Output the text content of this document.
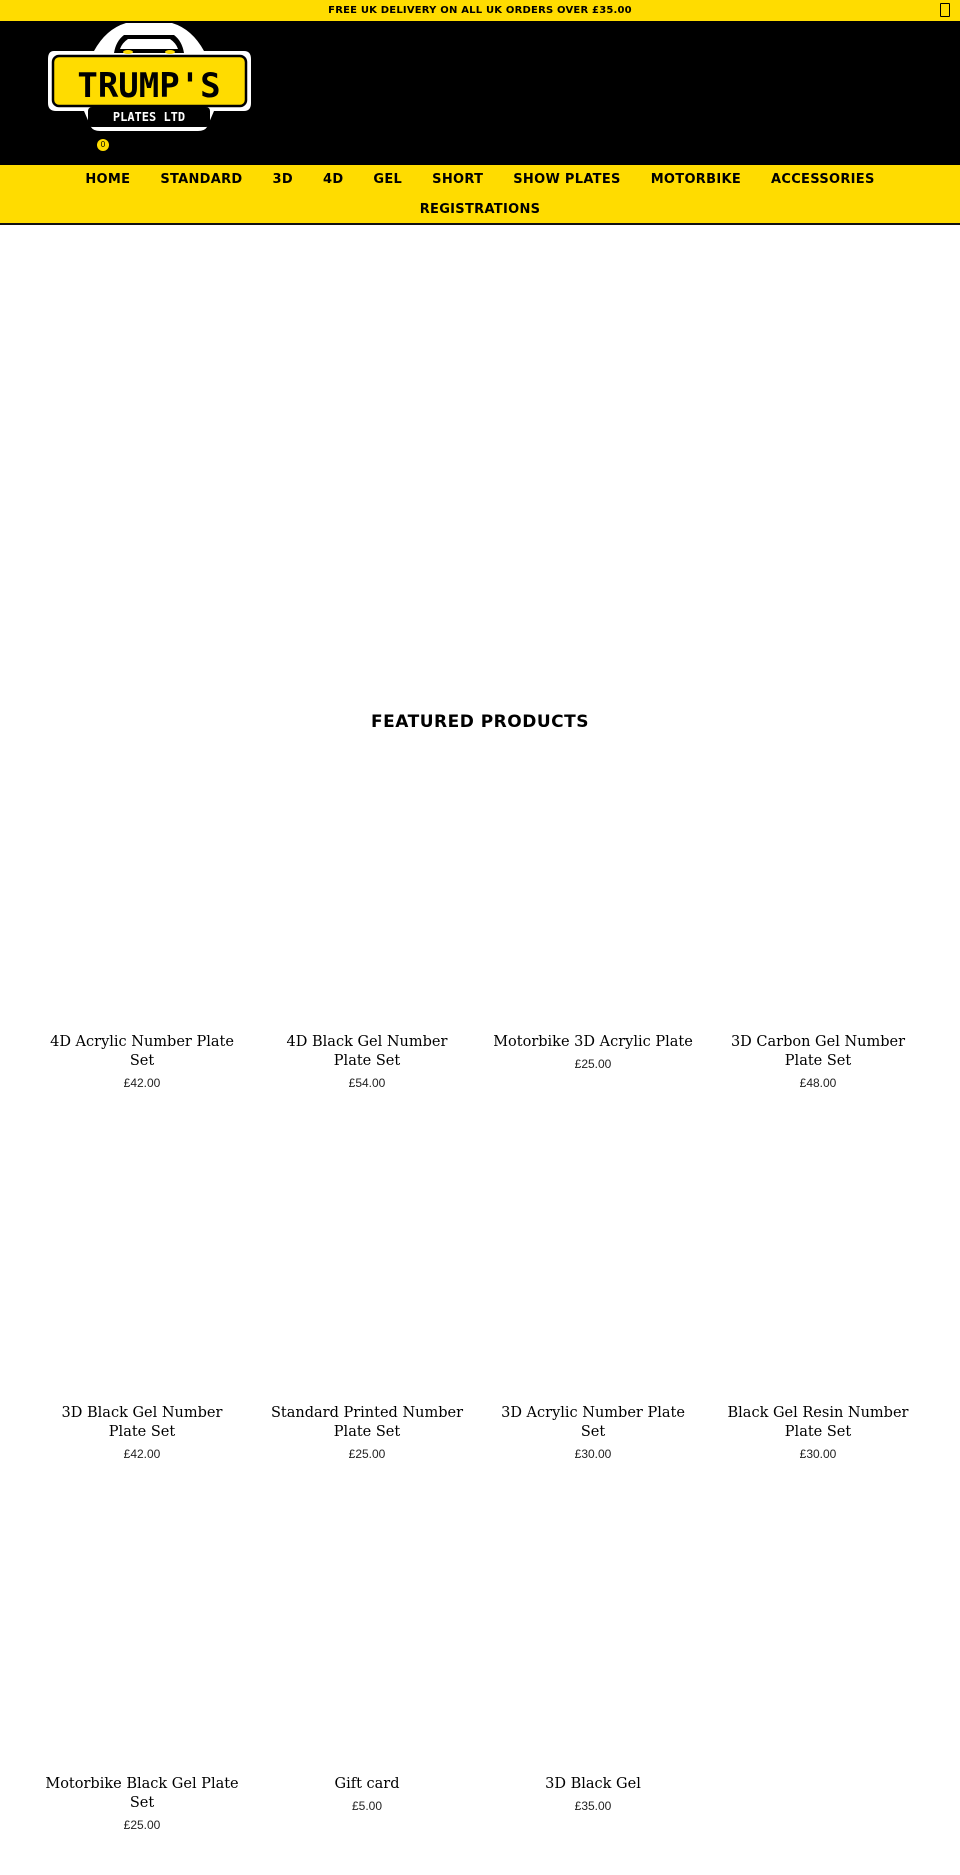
FREE UK DELIVERY ON ALL UK ORDERS OVER £35.00
TRUMP'S
PLATES LTD
0
HOME STANDARD 3D 4D GEL SHORT SHOW PLATES MOTORBIKE ACCESSORIES
REGISTRATIONS
FEATURED PRODUCTS
4D Acrylic Number Plate Set
£42.00
4D Black Gel Number Plate Set
£54.00
Motorbike 3D Acrylic Plate
£25.00
3D Carbon Gel Number Plate Set
£48.00
3D Black Gel Number Plate Set
£42.00
Standard Printed Number Plate Set
£25.00
3D Acrylic Number Plate Set
£30.00
Black Gel Resin Number Plate Set
£30.00
Motorbike Black Gel Plate Set
£25.00
Gift card
£5.00
3D Black Gel
£35.00
